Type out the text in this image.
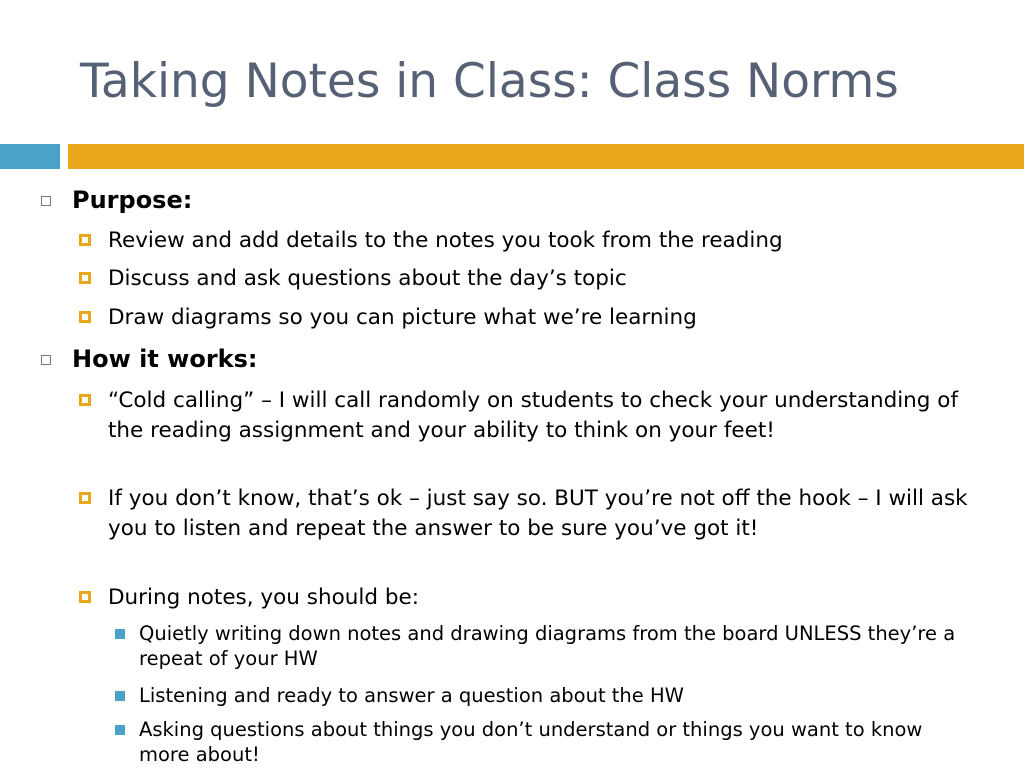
Taking Notes in Class: Class Norms
Purpose:
Review and add details to the notes you took from the reading
Discuss and ask questions about the day’s topic
Draw diagrams so you can picture what we’re learning
How it works:
“Cold calling” – I will call randomly on students to check your understanding of the reading assignment and your ability to think on your feet!
If you don’t know, that’s ok – just say so. BUT you’re not off the hook – I will ask you to listen and repeat the answer to be sure you’ve got it!
During notes, you should be:
Quietly writing down notes and drawing diagrams from the board UNLESS they’re a repeat of your HW
Listening and ready to answer a question about the HW
Asking questions about things you don’t understand or things you want to know more about!
